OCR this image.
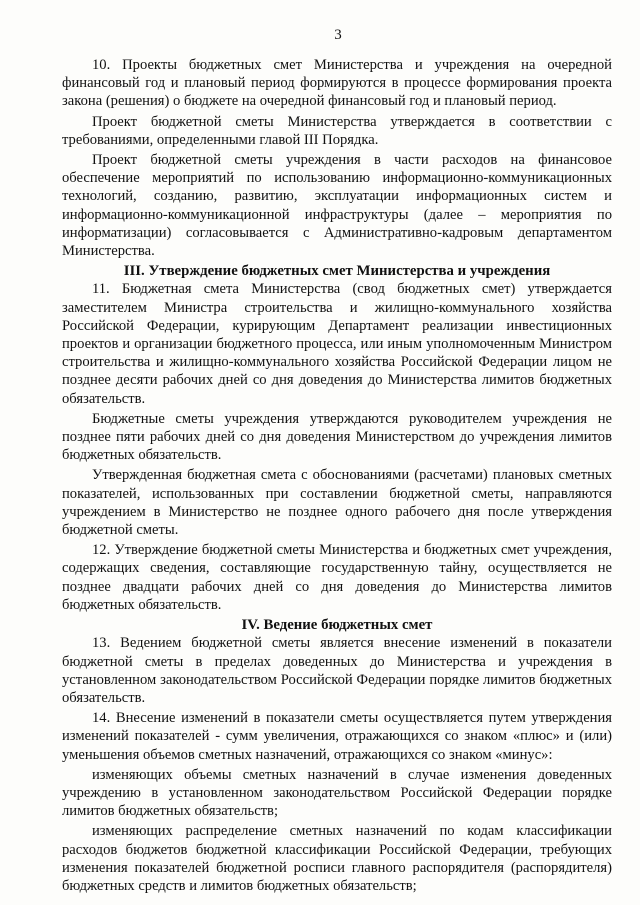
3

10. Проекты бюджетных смет Министерства и учреждения на очередной финансовый год и плановый период формируются в процессе формирования проекта закона (решения) о бюджете на очередной финансовый год и плановый период.

Проект бюджетной сметы Министерства утверждается в соответствии с требованиями, определенными главой III Порядка.

Проект бюджетной сметы учреждения в части расходов на финансовое обеспечение мероприятий по использованию информационно-коммуникационных технологий, созданию, развитию, эксплуатации информационных систем и информационно-коммуникационной инфраструктуры (далее – мероприятия по информатизации) согласовывается с Административно-кадровым департаментом Министерства.

III. Утверждение бюджетных смет Министерства и учреждения

11. Бюджетная смета Министерства (свод бюджетных смет) утверждается заместителем Министра строительства и жилищно-коммунального хозяйства Российской Федерации, курирующим Департамент реализации инвестиционных проектов и организации бюджетного процесса, или иным уполномоченным Министром строительства и жилищно-коммунального хозяйства Российской Федерации лицом не позднее десяти рабочих дней со дня доведения до Министерства лимитов бюджетных обязательств.

Бюджетные сметы учреждения утверждаются руководителем учреждения не позднее пяти рабочих дней со дня доведения Министерством до учреждения лимитов бюджетных обязательств.

Утвержденная бюджетная смета с обоснованиями (расчетами) плановых сметных показателей, использованных при составлении бюджетной сметы, направляются учреждением в Министерство не позднее одного рабочего дня после утверждения бюджетной сметы.

12. Утверждение бюджетной сметы Министерства и бюджетных смет учреждения, содержащих сведения, составляющие государственную тайну, осуществляется не позднее двадцати рабочих дней со дня доведения до Министерства лимитов бюджетных обязательств.

IV. Ведение бюджетных смет

13. Ведением бюджетной сметы является внесение изменений в показатели бюджетной сметы в пределах доведенных до Министерства и учреждения в установленном законодательством Российской Федерации порядке лимитов бюджетных обязательств.

14. Внесение изменений в показатели сметы осуществляется путем утверждения изменений показателей - сумм увеличения, отражающихся со знаком «плюс» и (или) уменьшения объемов сметных назначений, отражающихся со знаком «минус»:

изменяющих объемы сметных назначений в случае изменения доведенных учреждению в установленном законодательством Российской Федерации порядке лимитов бюджетных обязательств;

изменяющих распределение сметных назначений по кодам классификации расходов бюджетов бюджетной классификации Российской Федерации, требующих изменения показателей бюджетной росписи главного распорядителя (распорядителя) бюджетных средств и лимитов бюджетных обязательств;
